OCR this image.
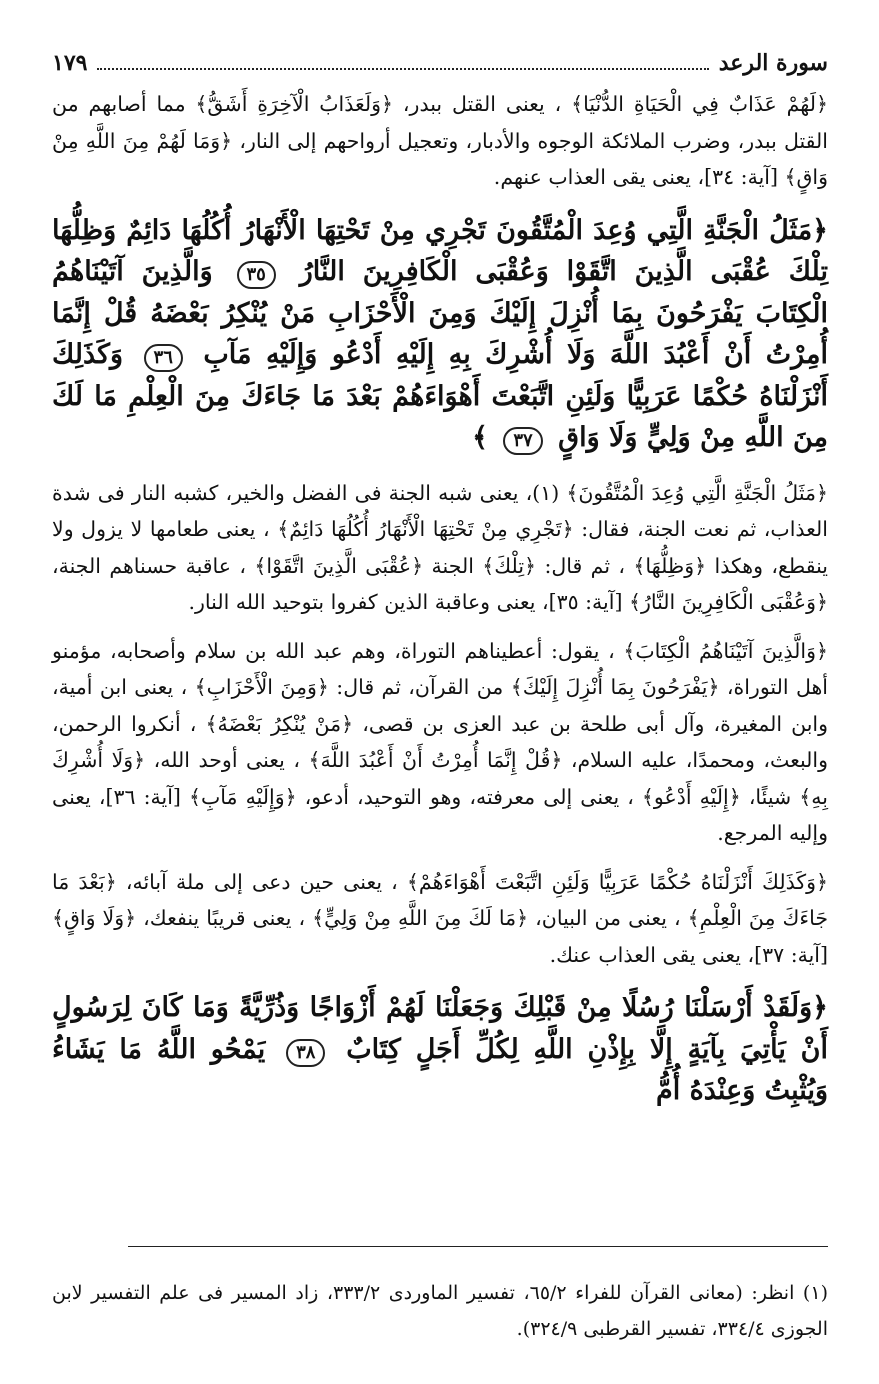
سورة الرعد
١٧٩

﴿لَهُمْ عَذَابٌ فِي الْحَيَاةِ الدُّنْيَا﴾ ، يعنى القتل ببدر، ﴿وَلَعَذَابُ الْآخِرَةِ أَشَقُّ﴾ مما أصابهم من القتل ببدر، وضرب الملائكة الوجوه والأدبار، وتعجيل أرواحهم إلى النار، ﴿وَمَا لَهُمْ مِنَ اللَّهِ مِنْ وَاقٍ﴾ [آية: ٣٤]، يعنى يقى العذاب عنهم.

﴿مَثَلُ الْجَنَّةِ الَّتِي وُعِدَ الْمُتَّقُونَ تَجْرِي مِنْ تَحْتِهَا الْأَنْهَارُ أُكُلُهَا دَائِمٌ وَظِلُّهَا تِلْكَ عُقْبَى الَّذِينَ اتَّقَوْا وَعُقْبَى الْكَافِرِينَ النَّارُ ٣٥ وَالَّذِينَ آتَيْنَاهُمُ الْكِتَابَ يَفْرَحُونَ بِمَا أُنْزِلَ إِلَيْكَ وَمِنَ الْأَحْزَابِ مَنْ يُنْكِرُ بَعْضَهُ قُلْ إِنَّمَا أُمِرْتُ أَنْ أَعْبُدَ اللَّهَ وَلَا أُشْرِكَ بِهِ إِلَيْهِ أَدْعُو وَإِلَيْهِ مَآبِ ٣٦ وَكَذَلِكَ أَنْزَلْنَاهُ حُكْمًا عَرَبِيًّا وَلَئِنِ اتَّبَعْتَ أَهْوَاءَهُمْ بَعْدَ مَا جَاءَكَ مِنَ الْعِلْمِ مَا لَكَ مِنَ اللَّهِ مِنْ وَلِيٍّ وَلَا وَاقٍ ٣٧ ﴾

﴿مَثَلُ الْجَنَّةِ الَّتِي وُعِدَ الْمُتَّقُونَ﴾ (١)، يعنى شبه الجنة فى الفضل والخير، كشبه النار فى شدة العذاب، ثم نعت الجنة، فقال: ﴿تَجْرِي مِنْ تَحْتِهَا الْأَنْهَارُ أُكُلُهَا دَائِمٌ﴾ ، يعنى طعامها لا يزول ولا ينقطع، وهكذا ﴿وَظِلُّهَا﴾ ، ثم قال: ﴿تِلْكَ﴾ الجنة ﴿عُقْبَى الَّذِينَ اتَّقَوْا﴾ ، عاقبة حسناهم الجنة، ﴿وَعُقْبَى الْكَافِرِينَ النَّارُ﴾ [آية: ٣٥]، يعنى وعاقبة الذين كفروا بتوحيد الله النار.

﴿وَالَّذِينَ آتَيْنَاهُمُ الْكِتَابَ﴾ ، يقول: أعطيناهم التوراة، وهم عبد الله بن سلام وأصحابه، مؤمنو أهل التوراة، ﴿يَفْرَحُونَ بِمَا أُنْزِلَ إِلَيْكَ﴾ من القرآن، ثم قال: ﴿وَمِنَ الْأَحْزَابِ﴾ ، يعنى ابن أمية، وابن المغيرة، وآل أبى طلحة بن عبد العزى بن قصى، ﴿مَنْ يُنْكِرُ بَعْضَهُ﴾ ، أنكروا الرحمن، والبعث، ومحمدًا، عليه السلام، ﴿قُلْ إِنَّمَا أُمِرْتُ أَنْ أَعْبُدَ اللَّهَ﴾ ، يعنى أوحد الله، ﴿وَلَا أُشْرِكَ بِهِ﴾ شيئًا، ﴿إِلَيْهِ أَدْعُو﴾ ، يعنى إلى معرفته، وهو التوحيد، أدعو، ﴿وَإِلَيْهِ مَآبِ﴾ [آية: ٣٦]، يعنى وإليه المرجع.

﴿وَكَذَلِكَ أَنْزَلْنَاهُ حُكْمًا عَرَبِيًّا وَلَئِنِ اتَّبَعْتَ أَهْوَاءَهُمْ﴾ ، يعنى حين دعى إلى ملة آبائه، ﴿بَعْدَ مَا جَاءَكَ مِنَ الْعِلْمِ﴾ ، يعنى من البيان، ﴿مَا لَكَ مِنَ اللَّهِ مِنْ وَلِيٍّ﴾ ، يعنى قريبًا ينفعك، ﴿وَلَا وَاقٍ﴾ [آية: ٣٧]، يعنى يقى العذاب عنك.

﴿وَلَقَدْ أَرْسَلْنَا رُسُلًا مِنْ قَبْلِكَ وَجَعَلْنَا لَهُمْ أَزْوَاجًا وَذُرِّيَّةً وَمَا كَانَ لِرَسُولٍ أَنْ يَأْتِيَ بِآيَةٍ إِلَّا بِإِذْنِ اللَّهِ لِكُلِّ أَجَلٍ كِتَابٌ ٣٨ يَمْحُو اللَّهُ مَا يَشَاءُ وَيُثْبِتُ وَعِنْدَهُ أُمُّ

(١) انظر: (معانى القرآن للفراء ٦٥/٢، تفسير الماوردى ٣٣٣/٢، زاد المسير فى علم التفسير لابن الجوزى ٣٣٤/٤، تفسير القرطبى ٣٢٤/٩).
